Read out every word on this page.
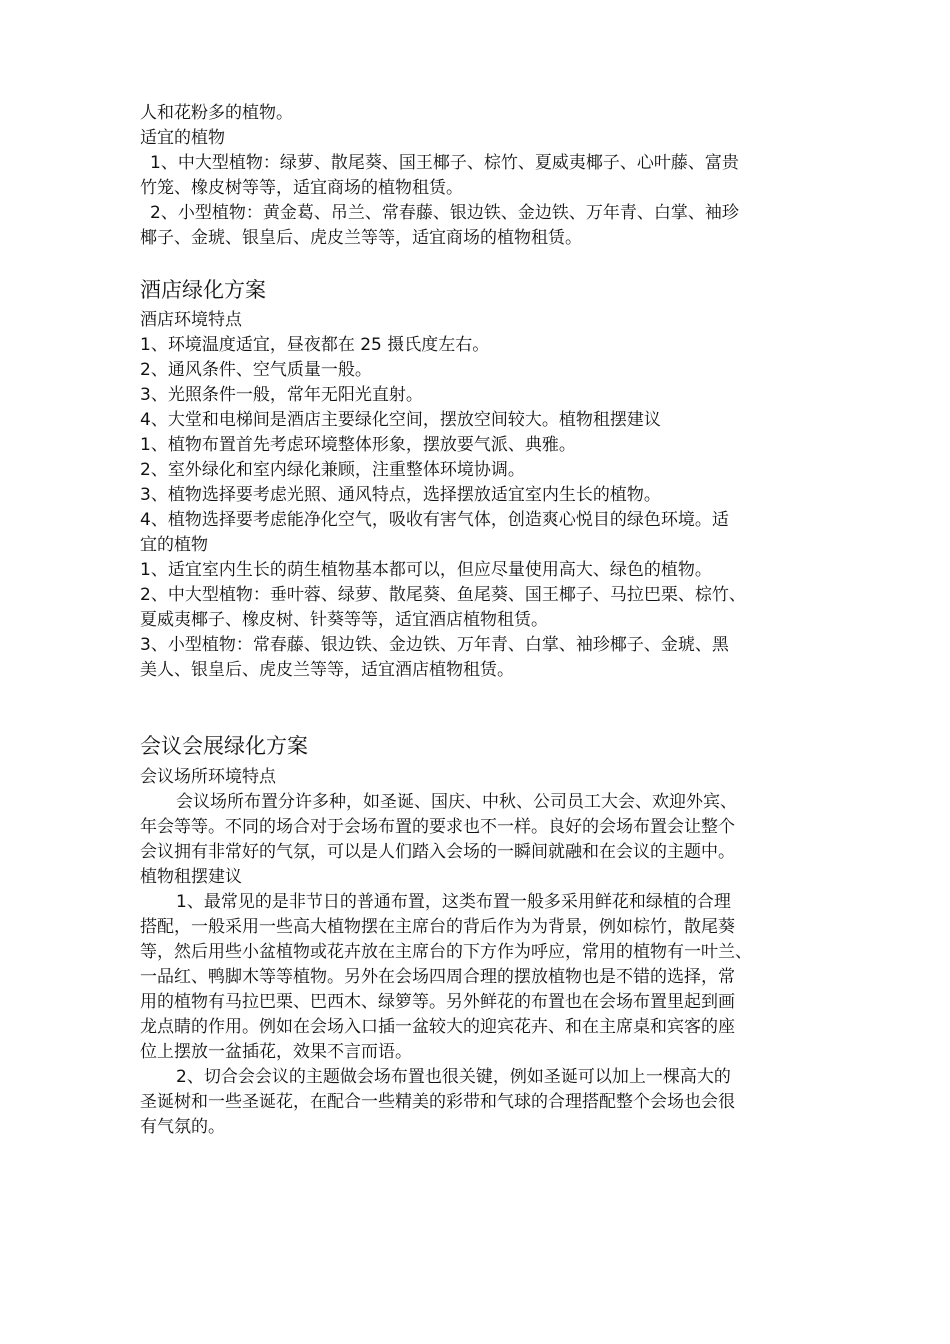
人和花粉多的植物。
适宜的植物
1、中大型植物：绿萝、散尾葵、国王椰子、棕竹、夏威夷椰子、心叶藤、富贵
竹笼、橡皮树等等，适宜商场的植物租赁。
2、小型植物：黄金葛、吊兰、常春藤、银边铁、金边铁、万年青、白掌、袖珍
椰子、金琥、银皇后、虎皮兰等等，适宜商场的植物租赁。
酒店绿化方案
酒店环境特点
1、环境温度适宜，昼夜都在 25 摄氏度左右。
2、通风条件、空气质量一般。
3、光照条件一般，常年无阳光直射。
4、大堂和电梯间是酒店主要绿化空间，摆放空间较大。植物租摆建议
1、植物布置首先考虑环境整体形象，摆放要气派、典雅。
2、室外绿化和室内绿化兼顾，注重整体环境协调。
3、植物选择要考虑光照、通风特点，选择摆放适宜室内生长的植物。
4、植物选择要考虑能净化空气，吸收有害气体，创造爽心悦目的绿色环境。适
宜的植物
1、适宜室内生长的荫生植物基本都可以，但应尽量使用高大、绿色的植物。
2、中大型植物：垂叶蓉、绿萝、散尾葵、鱼尾葵、国王椰子、马拉巴栗、棕竹、
夏威夷椰子、橡皮树、针葵等等，适宜酒店植物租赁。
3、小型植物：常春藤、银边铁、金边铁、万年青、白掌、袖珍椰子、金琥、黑
美人、银皇后、虎皮兰等等，适宜酒店植物租赁。
会议会展绿化方案
会议场所环境特点
会议场所布置分许多种，如圣诞、国庆、中秋、公司员工大会、欢迎外宾、
年会等等。不同的场合对于会场布置的要求也不一样。良好的会场布置会让整个
会议拥有非常好的气氛，可以是人们踏入会场的一瞬间就融和在会议的主题中。
植物租摆建议
1、最常见的是非节日的普通布置，这类布置一般多采用鲜花和绿植的合理
搭配，一般采用一些高大植物摆在主席台的背后作为为背景，例如棕竹，散尾葵
等，然后用些小盆植物或花卉放在主席台的下方作为呼应，常用的植物有一叶兰、
一品红、鸭脚木等等植物。另外在会场四周合理的摆放植物也是不错的选择，常
用的植物有马拉巴栗、巴西木、绿箩等。另外鲜花的布置也在会场布置里起到画
龙点睛的作用。例如在会场入口插一盆较大的迎宾花卉、和在主席桌和宾客的座
位上摆放一盆插花，效果不言而语。
2、切合会会议的主题做会场布置也很关键，例如圣诞可以加上一棵高大的
圣诞树和一些圣诞花，在配合一些精美的彩带和气球的合理搭配整个会场也会很
有气氛的。
